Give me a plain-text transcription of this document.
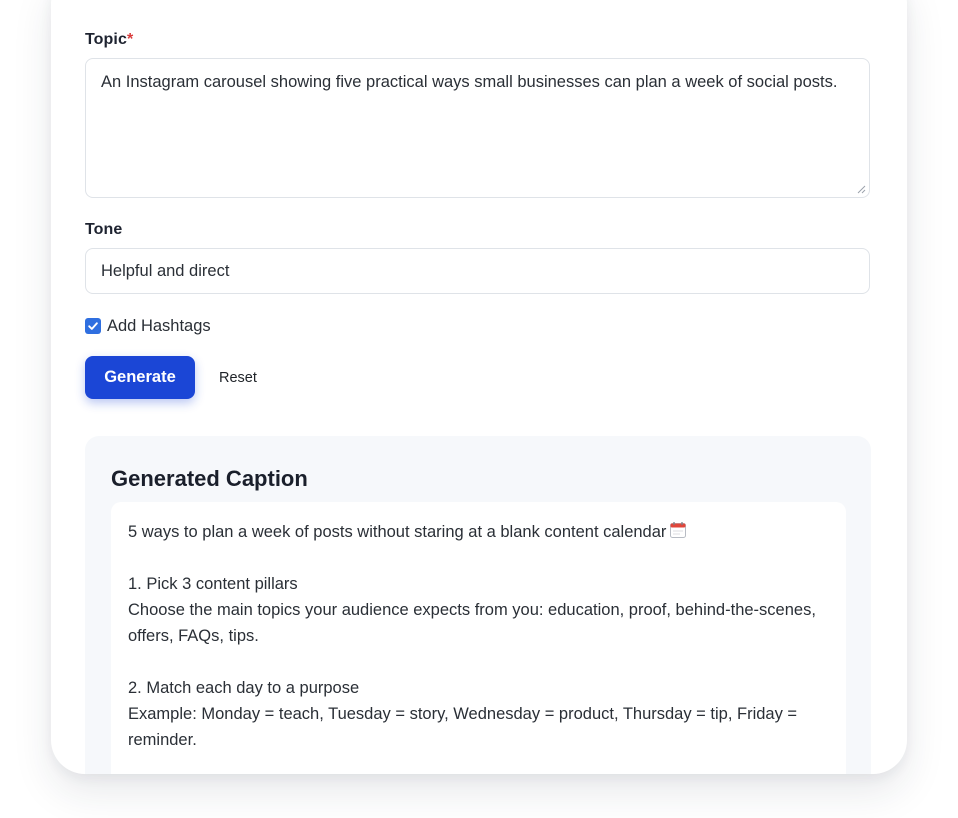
Topic*
An Instagram carousel showing five practical ways small businesses can plan a week of social posts.
Tone
Helpful and direct
Add Hashtags
Generate	Reset
Generated Caption
5 ways to plan a week of posts without staring at a blank content calendar
1. Pick 3 content pillars
Choose the main topics your audience expects from you: education, proof, behind-the-scenes, offers, FAQs, tips.
2. Match each day to a purpose
Example: Monday = teach, Tuesday = story, Wednesday = product, Thursday = tip, Friday = reminder.
